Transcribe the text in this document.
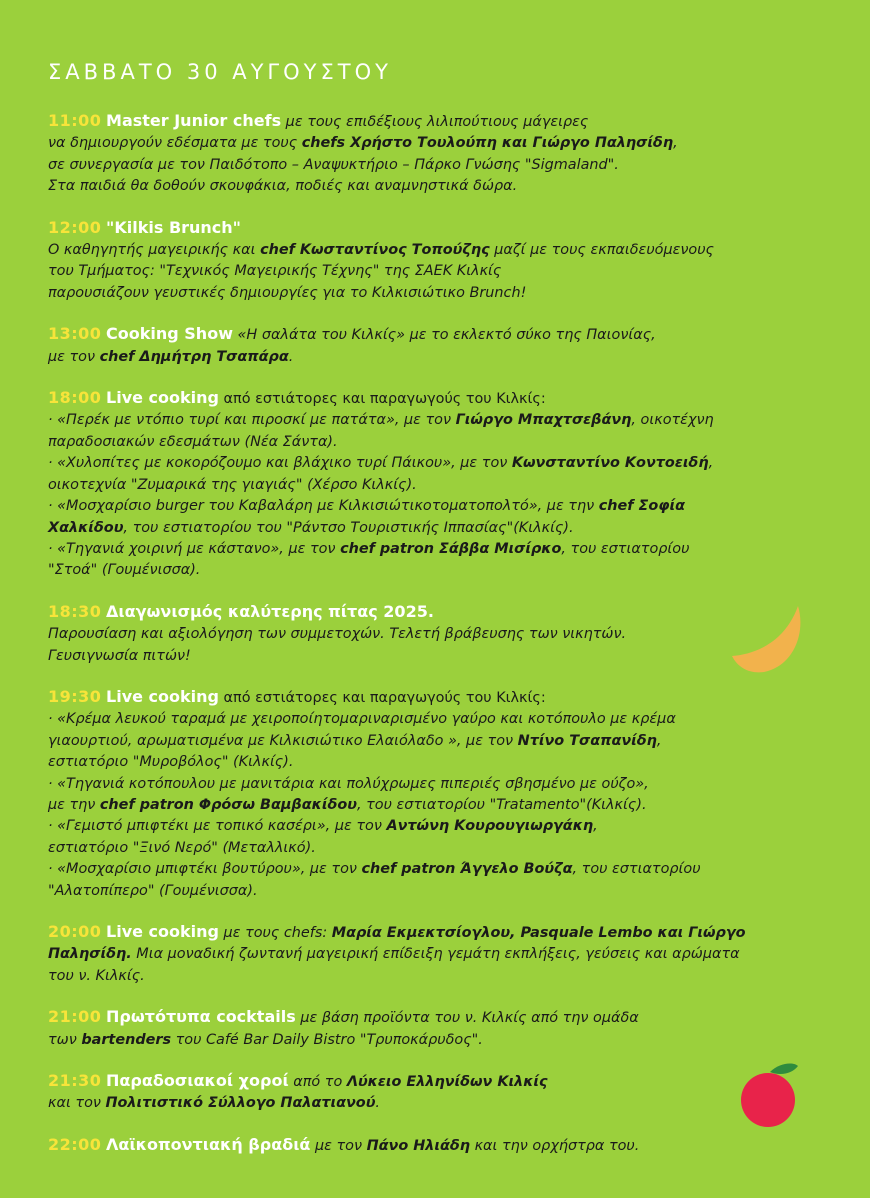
ΣΑΒΒΑΤΟ 30 ΑΥΓΟΥΣΤΟΥ
11:00 Master Junior chefs με τους επιδέξιους λιλιπούτιους μάγειρες
να δημιουργούν εδέσματα με τους chefs Χρήστο Τουλούπη και Γιώργο Παλησίδη,
σε συνεργασία με τον Παιδότοπο – Αναψυκτήριο – Πάρκο Γνώσης "Sigmaland".
Στα παιδιά θα δοθούν σκουφάκια, ποδιές και αναμνηστικά δώρα.
12:00 "Kilkis Brunch"
Ο καθηγητής μαγειρικής και chef Κωσταντίνος Τοπούζης μαζί με τους εκπαιδευόμενους
του Τμήματος: "Τεχνικός Μαγειρικής Τέχνης" της ΣΑΕΚ Κιλκίς
παρουσιάζουν γευστικές δημιουργίες για το Κιλκισιώτικο Brunch!
13:00 Cooking Show «Η σαλάτα του Κιλκίς» με το εκλεκτό σύκο της Παιονίας,
με τον chef Δημήτρη Τσαπάρα.
18:00 Live cooking από εστιάτορες και παραγωγούς του Κιλκίς:
· «Περέκ με ντόπιο τυρί και πιροσκί με πατάτα», με τον Γιώργο Μπαχτσεβάνη, οικοτέχνη
παραδοσιακών εδεσμάτων (Νέα Σάντα).
· «Χυλοπίτες με κοκορόζουμο και βλάχικο τυρί Πάικου», με τον Κωνσταντίνο Κοντοειδή,
οικοτεχνία "Ζυμαρικά της γιαγιάς" (Χέρσο Κιλκίς).
· «Μοσχαρίσιο burger του Καβαλάρη με Κιλκισιώτικοτοματοπολτό», με την chef Σοφία
Χαλκίδου, του εστιατορίου του "Ράντσο Τουριστικής Ιππασίας"(Κιλκίς).
· «Τηγανιά χοιρινή με κάστανο», με τον chef patron Σάββα Μισίρκο, του εστιατορίου
"Στοά" (Γουμένισσα).
18:30 Διαγωνισμός καλύτερης πίτας 2025.
Παρουσίαση και αξιολόγηση των συμμετοχών. Τελετή βράβευσης των νικητών.
Γευσιγνωσία πιτών!
19:30 Live cooking από εστιάτορες και παραγωγούς του Κιλκίς:
· «Κρέμα λευκού ταραμά με χειροποίητομαριναρισμένο γαύρο και κοτόπουλο με κρέμα
γιαουρτιού, αρωματισμένα με Κιλκισιώτικο Ελαιόλαδο », με τον Ντίνο Τσαπανίδη,
εστιατόριο "Μυροβόλος" (Κιλκίς).
· «Τηγανιά κοτόπουλου με μανιτάρια και πολύχρωμες πιπεριές σβησμένο με ούζο»,
με την chef patron Φρόσω Βαμβακίδου, του εστιατορίου "Tratamento"(Κιλκίς).
· «Γεμιστό μπιφτέκι με τοπικό κασέρι», με τον Αντώνη Κουρουγιωργάκη,
εστιατόριο "Ξινό Νερό" (Μεταλλικό).
· «Μοσχαρίσιο μπιφτέκι βουτύρου», με τον chef patron Άγγελο Βούζα, του εστιατορίου
"Αλατοπίπερο" (Γουμένισσα).
20:00 Live cooking με τους chefs: Μαρία Εκμεκτσίογλου, Pasquale Lembo και Γιώργο
Παλησίδη. Μια μοναδική ζωντανή μαγειρική επίδειξη γεμάτη εκπλήξεις, γεύσεις και αρώματα
του ν. Κιλκίς.
21:00 Πρωτότυπα cocktails με βάση προϊόντα του ν. Κιλκίς από την ομάδα
των bartenders του Café Bar Daily Bistro "Τρυποκάρυδος".
21:30 Παραδοσιακοί χοροί από το Λύκειο Ελληνίδων Κιλκίς
και τον Πολιτιστικό Σύλλογο Παλατιανού.
22:00 Λαϊκοποντιακή βραδιά με τον Πάνο Ηλιάδη και την ορχήστρα του.
